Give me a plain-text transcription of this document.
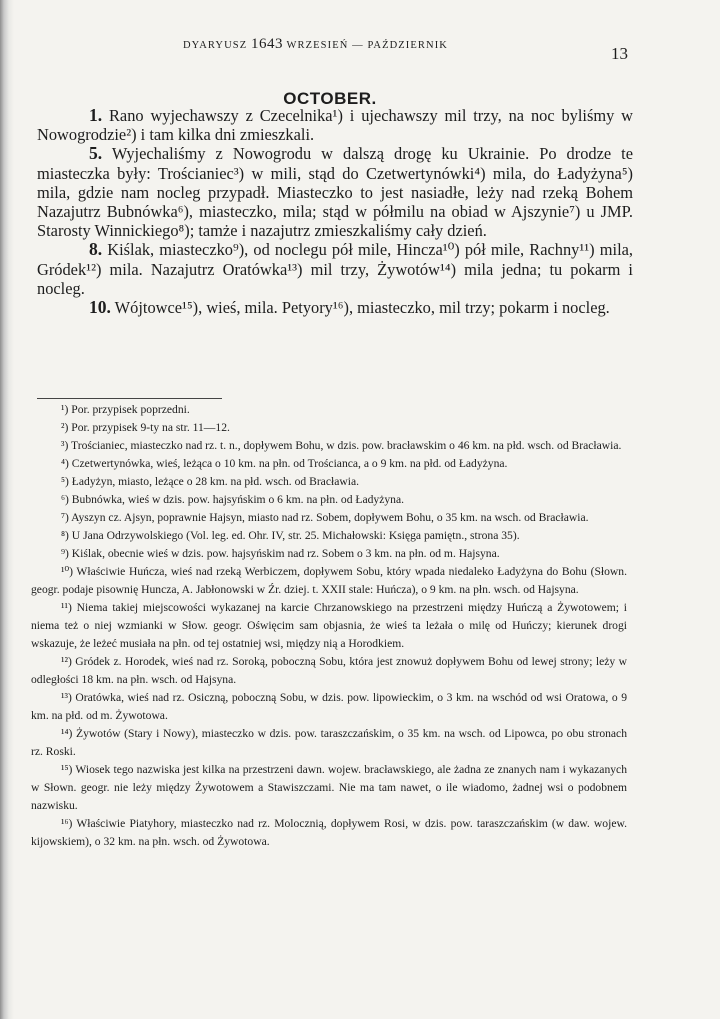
DYARYUSZ 1643 WRZESIEŃ — PAŹDZIERNIK	13
OCTOBER.

1. Rano wyjechawszy z Czecelnika¹) i ujechawszy mil trzy, na noc byliśmy w Nowogrodzie²) i tam kilka dni zmieszkali.

5. Wyjechaliśmy z Nowogrodu w dalszą drogę ku Ukrainie. Po drodze te miasteczka były: Trościaniec³) w mili, stąd do Czetwertynówki⁴) mila, do Ładyżyna⁵) mila, gdzie nam nocleg przypadł. Miasteczko to jest nasiadłe, leży nad rzeką Bohem Nazajutrz Bubnówka⁶), miasteczko, mila; stąd w półmilu na obiad w Ajszynie⁷) u JMP. Starosty Winnickiego⁸); tamże i nazajutrz zmieszkaliśmy cały dzień.

8. Kiślak, miasteczko⁹), od noclegu pół mile, Hincza¹⁰) pół mile, Rachny¹¹) mila, Gródek¹²) mila. Nazajutrz Oratówka¹³) mil trzy, Żywotów¹⁴) mila jedna; tu pokarm i nocleg.

10. Wójtowce¹⁵), wieś, mila. Petyory¹⁶), miasteczko, mil trzy; pokarm i nocleg.

¹) Por. przypisek poprzedni.

²) Por. przypisek 9-ty na str. 11—12.

³) Trościaniec, miasteczko nad rz. t. n., dopływem Bohu, w dzis. pow. bracławskim o 46 km. na płd. wsch. od Bracławia.

⁴) Czetwertynówka, wieś, leżąca o 10 km. na płn. od Trościanca, a o 9 km. na płd. od Ładyżyna.

⁵) Ładyżyn, miasto, leżące o 28 km. na płd. wsch. od Bracławia.

⁶) Bubnówka, wieś w dzis. pow. hajsyńskim o 6 km. na płn. od Ładyżyna.

⁷) Ayszyn cz. Ajsyn, poprawnie Hajsyn, miasto nad rz. Sobem, dopływem Bohu, o 35 km. na wsch. od Bracławia.

⁸) U Jana Odrzywolskiego (Vol. leg. ed. Ohr. IV, str. 25. Michałowski: Księga pamiętn., strona 35).

⁹) Kiślak, obecnie wieś w dzis. pow. hajsyńskim nad rz. Sobem o 3 km. na płn. od m. Hajsyna.

¹⁰) Właściwie Huńcza, wieś nad rzeką Werbiczem, dopływem Sobu, który wpada niedaleko Ładyżyna do Bohu (Słown. geogr. podaje pisownię Huncza, A. Jabłonowski w Źr. dziej. t. XXII stale: Huńcza), o 9 km. na płn. wsch. od Hajsyna.

¹¹) Niema takiej miejscowości wykazanej na karcie Chrzanowskiego na przestrzeni między Huńczą a Żywotowem; i niema też o niej wzmianki w Słow. geogr. Oświęcim sam objasnia, że wieś ta leżała o milę od Huńczy; kierunek drogi wskazuje, że leżeć musiała na płn. od tej ostatniej wsi, między nią a Horodkiem.

¹²) Gródek z. Horodek, wieś nad rz. Soroką, poboczną Sobu, która jest znowuż dopływem Bohu od lewej strony; leży w odległości 18 km. na płn. wsch. od Hajsyna.

¹³) Oratówka, wieś nad rz. Osiczną, poboczną Sobu, w dzis. pow. lipowieckim, o 3 km. na wschód od wsi Oratowa, o 9 km. na płd. od m. Żywotowa.

¹⁴) Żywotów (Stary i Nowy), miasteczko w dzis. pow. taraszczańskim, o 35 km. na wsch. od Lipowca, po obu stronach rz. Roski.

¹⁵) Wiosek tego nazwiska jest kilka na przestrzeni dawn. wojew. bracławskiego, ale żadna ze znanych nam i wykazanych w Słown. geogr. nie leży między Żywotowem a Stawiszczami. Nie ma tam nawet, o ile wiadomo, żadnej wsi o podobnem nazwisku.

¹⁶) Właściwie Piatyhory, miasteczko nad rz. Molocznią, dopływem Rosi, w dzis. pow. taraszczańskim (w daw. wojew. kijowskiem), o 32 km. na płn. wsch. od Żywotowa.
